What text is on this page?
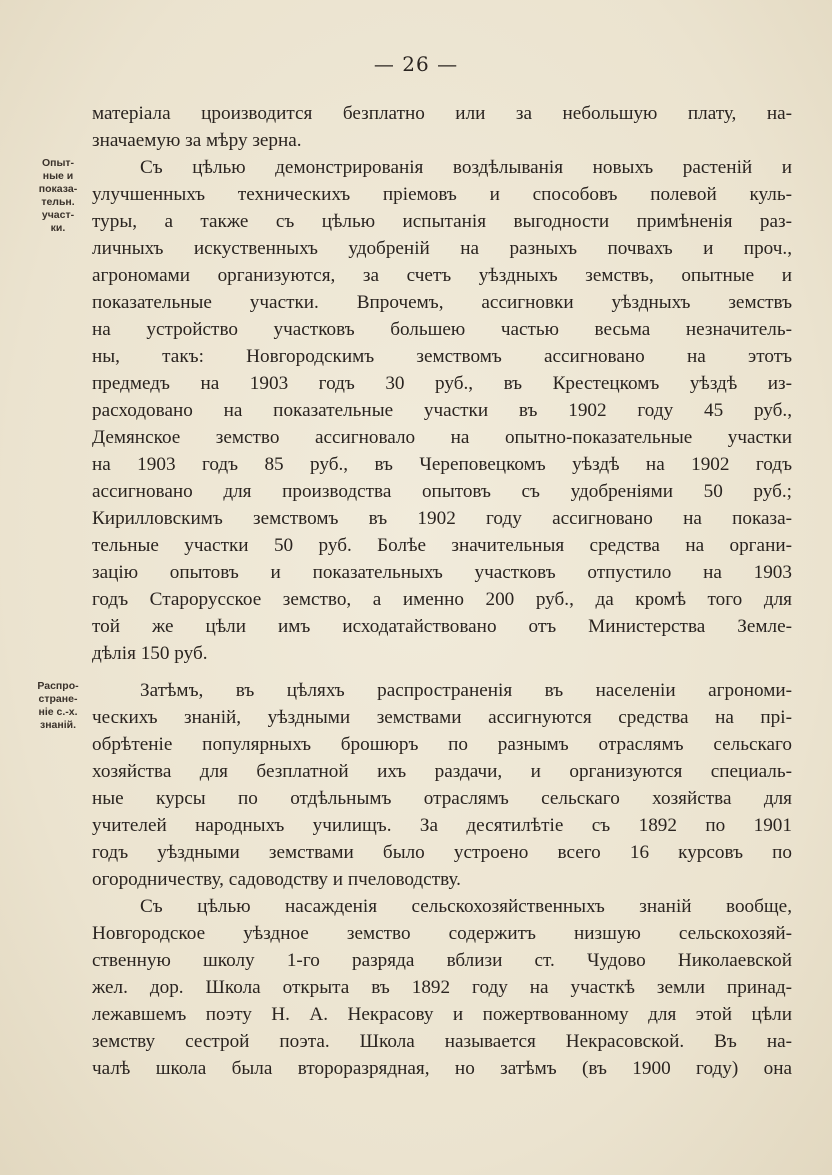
— 26 —
Опыт-
ные и
показа-
тельн.
участ-
ки.
Распро-
стране-
ніе с.-х.
знаній.
матеріала цроизводится безплатно или за небольшую плату, на-
значаемую за мѣру зерна.
Съ цѣлью демонстрированія воздѣлыванія новыхъ растеній и
улучшенныхъ техническихъ пріемовъ и способовъ полевой куль-
туры, а также съ цѣлью испытанія выгодности примѣненія раз-
личныхъ искуственныхъ удобреній на разныхъ почвахъ и проч.,
агрономами организуются, за счетъ уѣздныхъ земствъ, опытные и
показательные участки. Впрочемъ, ассигновки уѣздныхъ земствъ
на устройство участковъ большею частью весьма незначитель-
ны, такъ: Новгородскимъ земствомъ ассигновано на этотъ
предмедъ на 1903 годъ 30 руб., въ Крестецкомъ уѣздѣ из-
расходовано на показательные участки въ 1902 году 45 руб.,
Демянское земство ассигновало на опытно-показательные участки
на 1903 годъ 85 руб., въ Череповецкомъ уѣздѣ на 1902 годъ
ассигновано для производства опытовъ съ удобреніями 50 руб.;
Кирилловскимъ земствомъ въ 1902 году ассигновано на показа-
тельные участки 50 руб. Болѣе значительныя средства на органи-
зацію опытовъ и показательныхъ участковъ отпустило на 1903
годъ Старорусское земство, а именно 200 руб., да кромѣ того для
той же цѣли имъ исходатайствовано отъ Министерства Земле-
дѣлія 150 руб.
Затѣмъ, въ цѣляхъ распространенія въ населеніи агрономи-
ческихъ знаній, уѣздными земствами ассигнуются средства на прі-
обрѣтеніе популярныхъ брошюръ по разнымъ отраслямъ сельскаго
хозяйства для безплатной ихъ раздачи, и организуются специаль-
ные курсы по отдѣльнымъ отраслямъ сельскаго хозяйства для
учителей народныхъ училищъ. За десятилѣтіе съ 1892 по 1901
годъ уѣздными земствами было устроено всего 16 курсовъ по
огородничеству, садоводству и пчеловодству.
Съ цѣлью насажденія сельскохозяйственныхъ знаній вообще,
Новгородское уѣздное земство содержитъ низшую сельскохозяй-
ственную школу 1-го разряда вблизи ст. Чудово Николаевской
жел. дор. Школа открыта въ 1892 году на участкѣ земли принад-
лежавшемъ поэту Н. А. Некрасову и пожертвованному для этой цѣли
земству сестрой поэта. Школа называется Некрасовской. Въ на-
чалѣ школа была второразрядная, но затѣмъ (въ 1900 году) она
